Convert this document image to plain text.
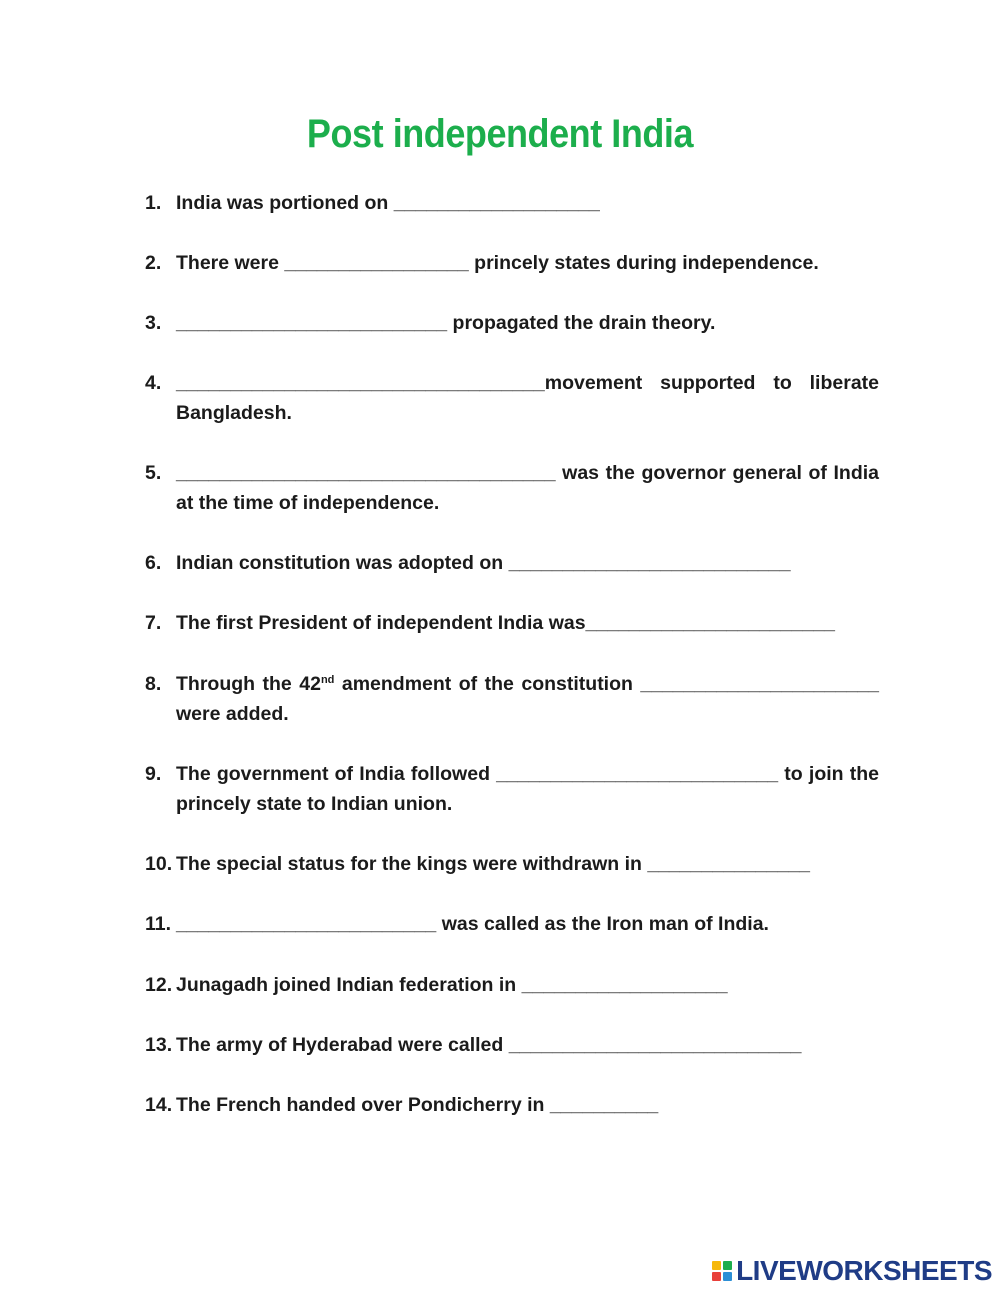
Post independent India
1. India was portioned on ___________________
2. There were _________________ princely states during independence.
3. _________________________ propagated the drain theory.
4. __________________________________movement supported to liberate Bangladesh.
5. ___________________________________ was the governor general of India at the time of independence.
6. Indian constitution was adopted on __________________________
7. The first President of independent India was_______________________
8. Through the 42nd amendment of the constitution ______________________ were added.
9. The government of India followed __________________________ to join the princely state to Indian union.
10. The special status for the kings were withdrawn in _______________
11. ________________________ was called as the Iron man of India.
12. Junagadh joined Indian federation in ___________________
13. The army of Hyderabad were called ___________________________
14. The French handed over Pondicherry in __________
LIVEWORKSHEETS
